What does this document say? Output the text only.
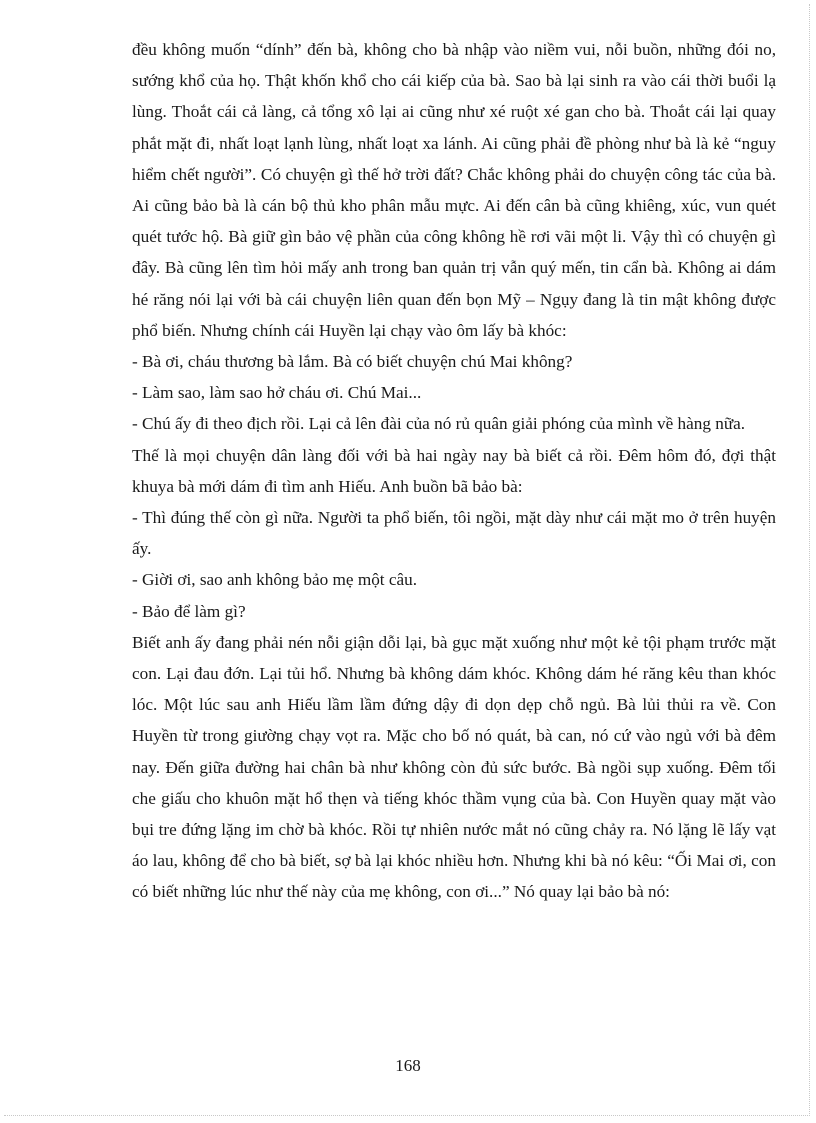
đều không muốn “dính” đến bà, không cho bà nhập vào niềm vui, nỗi buồn, những đói no, sướng khổ của họ. Thật khốn khổ cho cái kiếp của bà. Sao bà lại sinh ra vào cái thời buổi lạ lùng. Thoắt cái cả làng, cả tổng xô lại ai cũng như xé ruột xé gan cho bà. Thoắt cái lại quay phắt mặt đi, nhất loạt lạnh lùng, nhất loạt xa lánh. Ai cũng phải đề phòng như bà là kẻ “nguy hiểm chết người”. Có chuyện gì thế hở trời đất? Chắc không phải do chuyện công tác của bà. Ai cũng bảo bà là cán bộ thủ kho phân mẫu mực. Ai đến cân bà cũng khiêng, xúc, vun quét quét tước hộ. Bà giữ gìn bảo vệ phần của công không hề rơi vãi một li. Vậy thì có chuyện gì đây. Bà cũng lên tìm hỏi mấy anh trong ban quản trị vẫn quý mến, tin cẩn bà. Không ai dám hé răng nói lại với bà cái chuyện liên quan đến bọn Mỹ – Ngụy đang là tin mật không được phổ biến. Nhưng chính cái Huyền lại chạy vào ôm lấy bà khóc:

- Bà ơi, cháu thương bà lắm. Bà có biết chuyện chú Mai không?

- Làm sao, làm sao hở cháu ơi. Chú Mai...

- Chú ấy đi theo địch rồi. Lại cả lên đài của nó rủ quân giải phóng của mình về hàng nữa.

Thế là mọi chuyện dân làng đối với bà hai ngày nay bà biết cả rồi. Đêm hôm đó, đợi thật khuya bà mới dám đi tìm anh Hiếu. Anh buồn bã bảo bà:

- Thì đúng thế còn gì nữa. Người ta phổ biến, tôi ngồi, mặt dày như cái mặt mo ở trên huyện ấy.

- Giời ơi, sao anh không bảo mẹ một câu.

- Bảo để làm gì?

Biết anh ấy đang phải nén nỗi giận dỗi lại, bà gục mặt xuống như một kẻ tội phạm trước mặt con. Lại đau đớn. Lại tủi hổ. Nhưng bà không dám khóc. Không dám hé răng kêu than khóc lóc. Một lúc sau anh Hiếu lầm lầm đứng dậy đi dọn dẹp chỗ ngủ. Bà lủi thủi ra về. Con Huyền từ trong giường chạy vọt ra. Mặc cho bố nó quát, bà can, nó cứ vào ngủ với bà đêm nay. Đến giữa đường hai chân bà như không còn đủ sức bước. Bà ngồi sụp xuống. Đêm tối che giấu cho khuôn mặt hổ thẹn và tiếng khóc thầm vụng của bà. Con Huyền quay mặt vào bụi tre đứng lặng im chờ bà khóc. Rồi tự nhiên nước mắt nó cũng chảy ra. Nó lặng lẽ lấy vạt áo lau, không để cho bà biết, sợ bà lại khóc nhiều hơn. Nhưng khi bà nó kêu: “Ối Mai ơi, con có biết những lúc như thế này của mẹ không, con ơi...” Nó quay lại bảo bà nó:

168
